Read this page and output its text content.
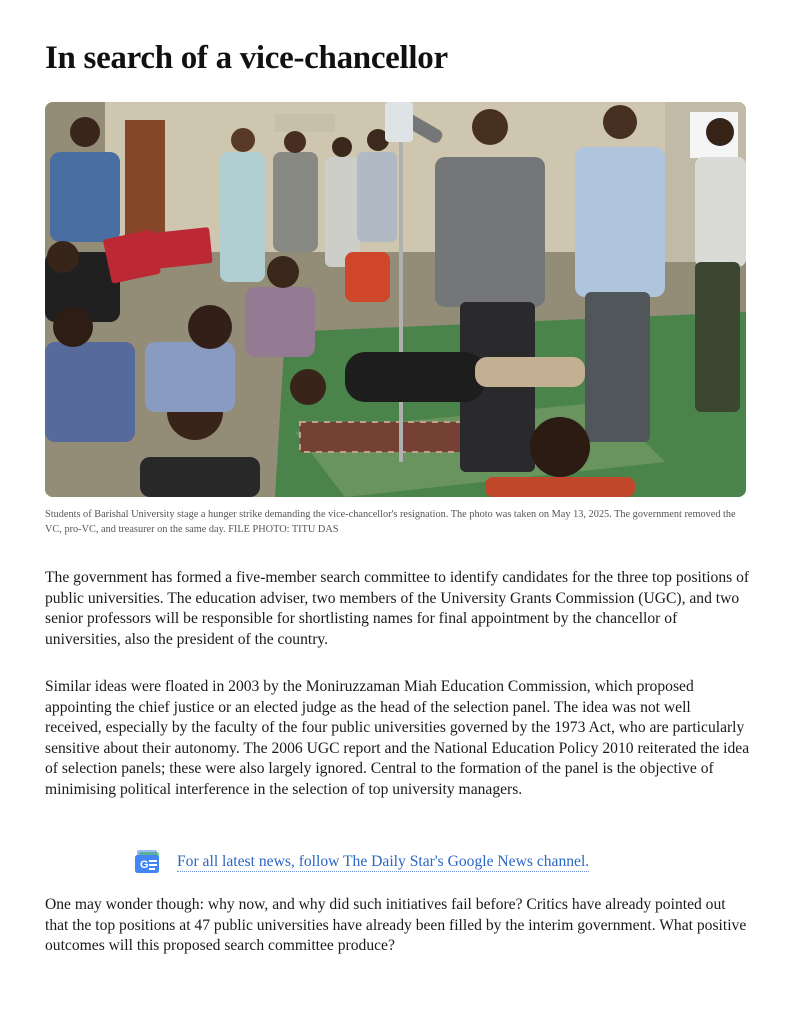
In search of a vice-chancellor

Students of Barishal University stage a hunger strike demanding the vice-chancellor's resignation. The photo was taken on May 13, 2025. The government removed the VC, pro-VC, and treasurer on the same day. FILE PHOTO: TITU DAS

The government has formed a five-member search committee to identify candidates for the three top positions of public universities. The education adviser, two members of the University Grants Commission (UGC), and two senior professors will be responsible for shortlisting names for final appointment by the chancellor of universities, also the president of the country.

Similar ideas were floated in 2003 by the Moniruzzaman Miah Education Commission, which proposed appointing the chief justice or an elected judge as the head of the selection panel. The idea was not well received, especially by the faculty of the four public universities governed by the 1973 Act, who are particularly sensitive about their autonomy. The 2006 UGC report and the National Education Policy 2010 reiterated the idea of selection panels; these were also largely ignored. Central to the formation of the panel is the objective of minimising political interference in the selection of top university managers.

G For all latest news, follow The Daily Star's Google News channel.

One may wonder though: why now, and why did such initiatives fail before? Critics have already pointed out that the top positions at 47 public universities have already been filled by the interim government. What positive outcomes will this proposed search committee produce?
